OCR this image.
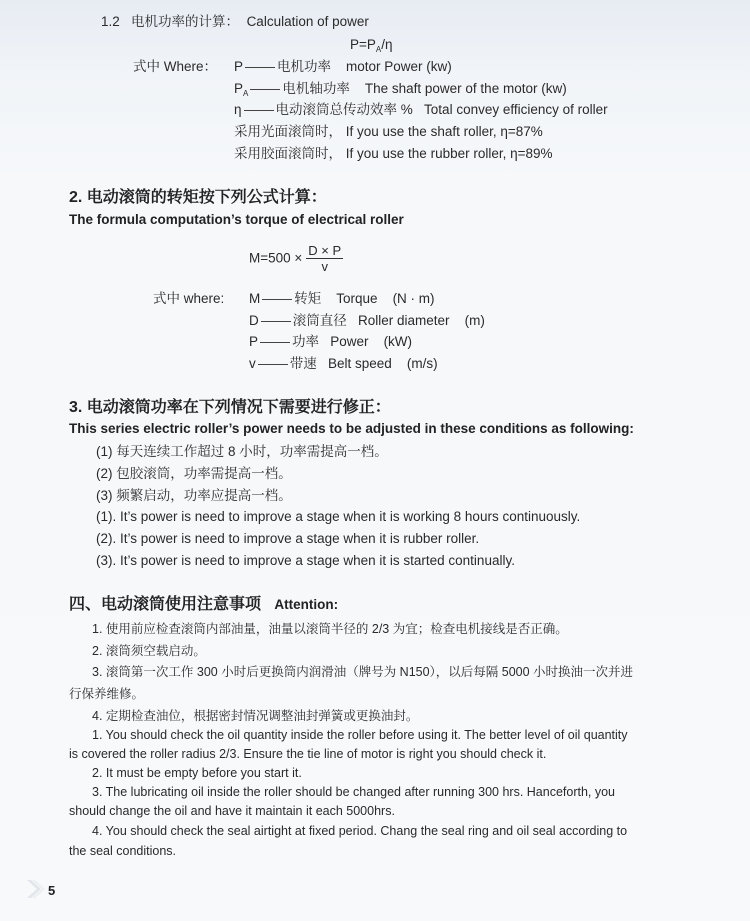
1.2 电机功率的计算： Calculation of power
$P=P_A/\eta$
式中 Where： P	电机功率 motor Power (kw)
$P_A$	电机轴功率 The shaft power of the motor (kw)
η	电动滚筒总传动效率 % Total convey efficiency of roller
采用光面滚筒时， If you use the shaft roller, η=87%
采用胶面滚筒时， If you use the rubber roller, η=89%
2. 电动滚筒的转矩按下列公式计算：
The formula computation’s torque of electrical roller
$M=500 \times \frac{D \times P}{v}$
式中 where: M	转矩 Torque (N · m)
D	滚筒直径 Roller diameter (m)
P	功率 Power (kW)
v	带速 Belt speed (m/s)
3. 电动滚筒功率在下列情况下需要进行修正：
This series electric roller’s power needs to be adjusted in these conditions as following:
(1) 每天连续工作超过 8 小时，功率需提高一档。
(2) 包胶滚筒，功率需提高一档。
(3) 频繁启动，功率应提高一档。
(1). It’s power is need to improve a stage when it is working 8 hours continuously.
(2). It’s power is need to improve a stage when it is rubber roller.
(3). It’s power is need to improve a stage when it is started continually.
四、电动滚筒使用注意事项 Attention:
1. 使用前应检查滚筒内部油量，油量以滚筒半径的 2/3 为宜；检查电机接线是否正确。
2. 滚筒须空载启动。
3. 滚筒第一次工作 300 小时后更换筒内润滑油（牌号为 N150），以后每隔 5000 小时换油一次并进
行保养维修。
4. 定期检查油位，根据密封情况调整油封弹簧或更换油封。
1. You should check the oil quantity inside the roller before using it. The better level of oil quantity
is covered the roller radius 2/3. Ensure the tie line of motor is right you should check it.
2. It must be empty before you start it.
3. The lubricating oil inside the roller should be changed after running 300 hrs. Hanceforth, you
should change the oil and have it maintain it each 5000hrs.
4. You should check the seal airtight at fixed period. Chang the seal ring and oil seal according to
the seal conditions.
5
